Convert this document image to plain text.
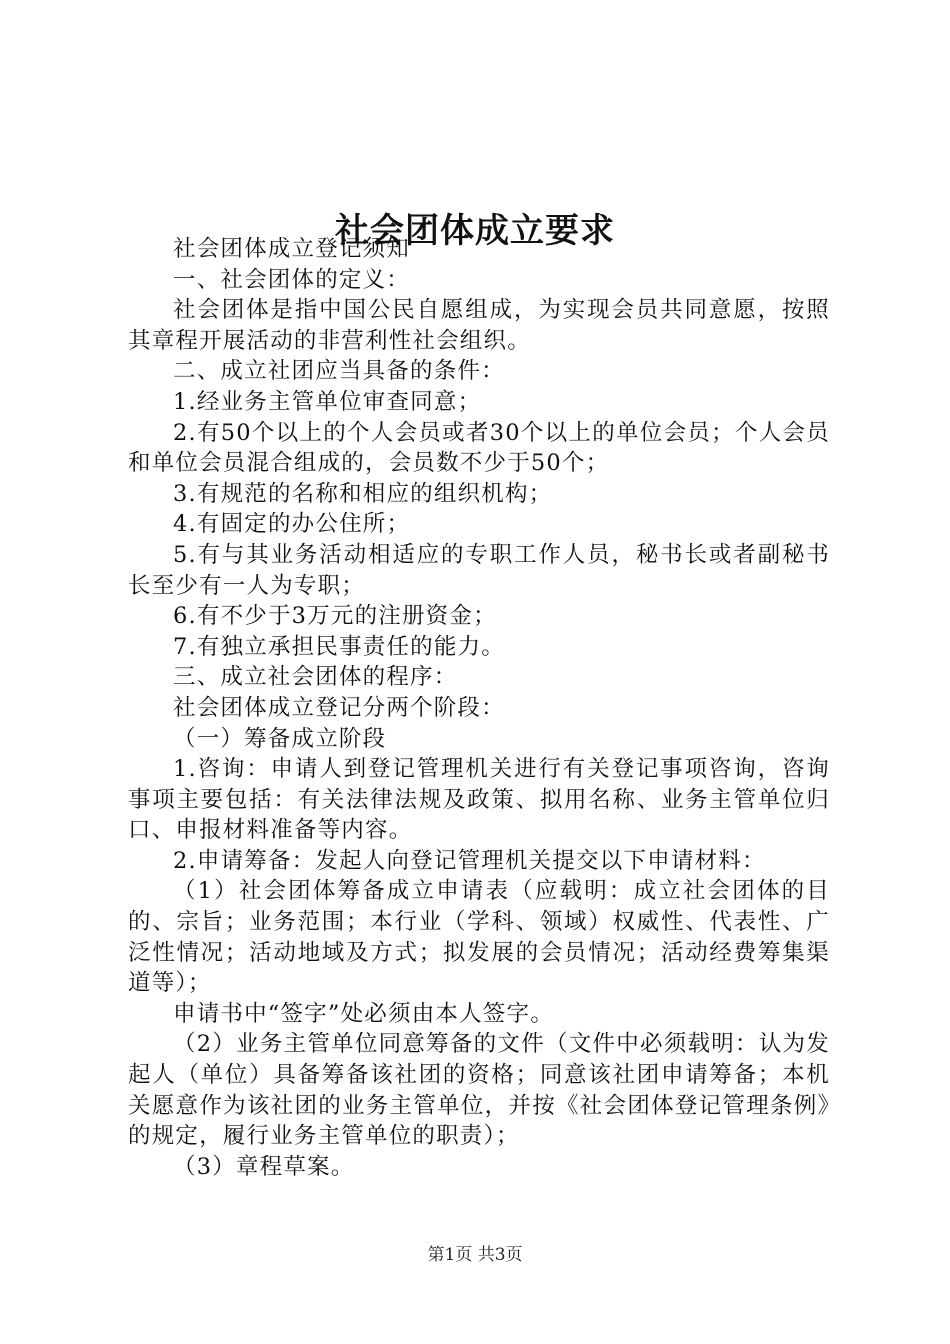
社会团体成立要求

社会团体成立登记须知

一、社会团体的定义：

社会团体是指中国公民自愿组成，为实现会员共同意愿，按照其章程开展活动的非营利性社会组织。

二、成立社团应当具备的条件：

1.经业务主管单位审查同意；

2.有50个以上的个人会员或者30个以上的单位会员；个人会员和单位会员混合组成的，会员数不少于50个；

3.有规范的名称和相应的组织机构；

4.有固定的办公住所；

5.有与其业务活动相适应的专职工作人员，秘书长或者副秘书长至少有一人为专职；

6.有不少于3万元的注册资金；

7.有独立承担民事责任的能力。

三、成立社会团体的程序：

社会团体成立登记分两个阶段：

（一）筹备成立阶段

1.咨询：申请人到登记管理机关进行有关登记事项咨询，咨询事项主要包括：有关法律法规及政策、拟用名称、业务主管单位归口、申报材料准备等内容。

2.申请筹备：发起人向登记管理机关提交以下申请材料：

（1）社会团体筹备成立申请表（应载明：成立社会团体的目的、宗旨；业务范围；本行业（学科、领域）权威性、代表性、广泛性情况；活动地域及方式；拟发展的会员情况；活动经费筹集渠道等）；

申请书中“签字”处必须由本人签字。

（2）业务主管单位同意筹备的文件（文件中必须载明：认为发起人（单位）具备筹备该社团的资格；同意该社团申请筹备；本机关愿意作为该社团的业务主管单位，并按《社会团体登记管理条例》的规定，履行业务主管单位的职责）；

（3）章程草案。

第1页 共3页
